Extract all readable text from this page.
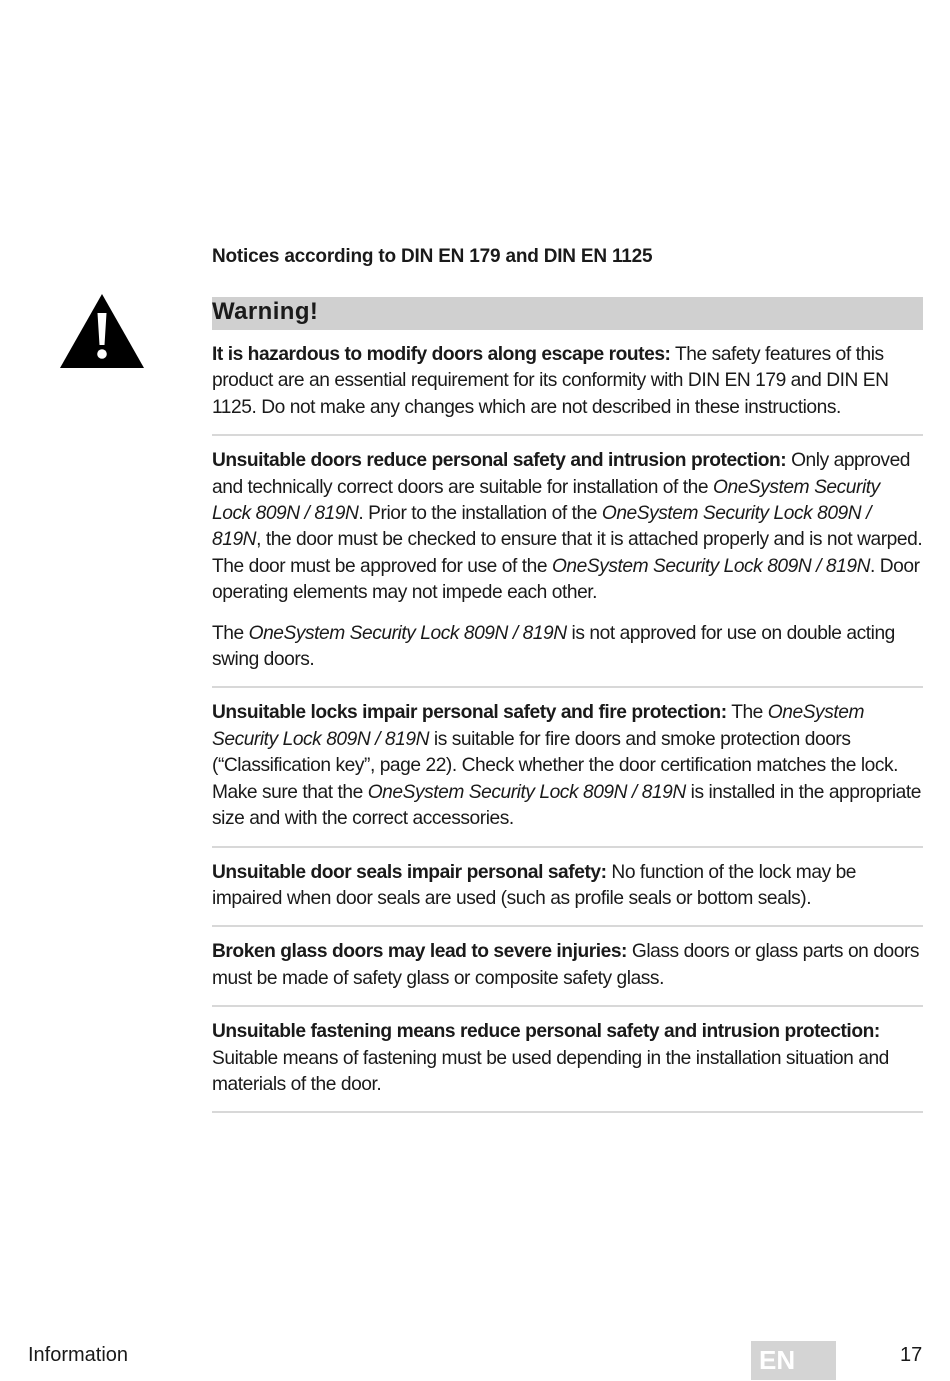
Notices according to DIN EN 179 and DIN EN 1125
Warning!

It is hazardous to modify doors along escape routes: The safety features of this product are an essential requirement for its conformity with DIN EN 179 and DIN EN 1125. Do not make any changes which are not described in these instructions.

Unsuitable doors reduce personal safety and intrusion protection: Only approved and technically correct doors are suitable for installation of the OneSystem Security Lock 809N / 819N. Prior to the installation of the OneSystem Security Lock 809N / 819N, the door must be checked to ensure that it is attached properly and is not warped. The door must be approved for use of the OneSystem Security Lock 809N / 819N. Door operating elements may not impede each other.

The OneSystem Security Lock 809N / 819N is not approved for use on double acting swing doors.

Unsuitable locks impair personal safety and fire protection: The OneSystem Security Lock 809N / 819N is suitable for fire doors and smoke protection doors (“Classification key”, page 22). Check whether the door certification matches the lock. Make sure that the OneSystem Security Lock 809N / 819N is installed in the appropriate size and with the correct accessories.

Unsuitable door seals impair personal safety: No function of the lock may be impaired when door seals are used (such as profile seals or bottom seals).

Broken glass doors may lead to severe injuries: Glass doors or glass parts on doors must be made of safety glass or composite safety glass.

Unsuitable fastening means reduce personal safety and intrusion protection: Suitable means of fastening must be used depending in the installation situation and materials of the door.

Information	EN	17
